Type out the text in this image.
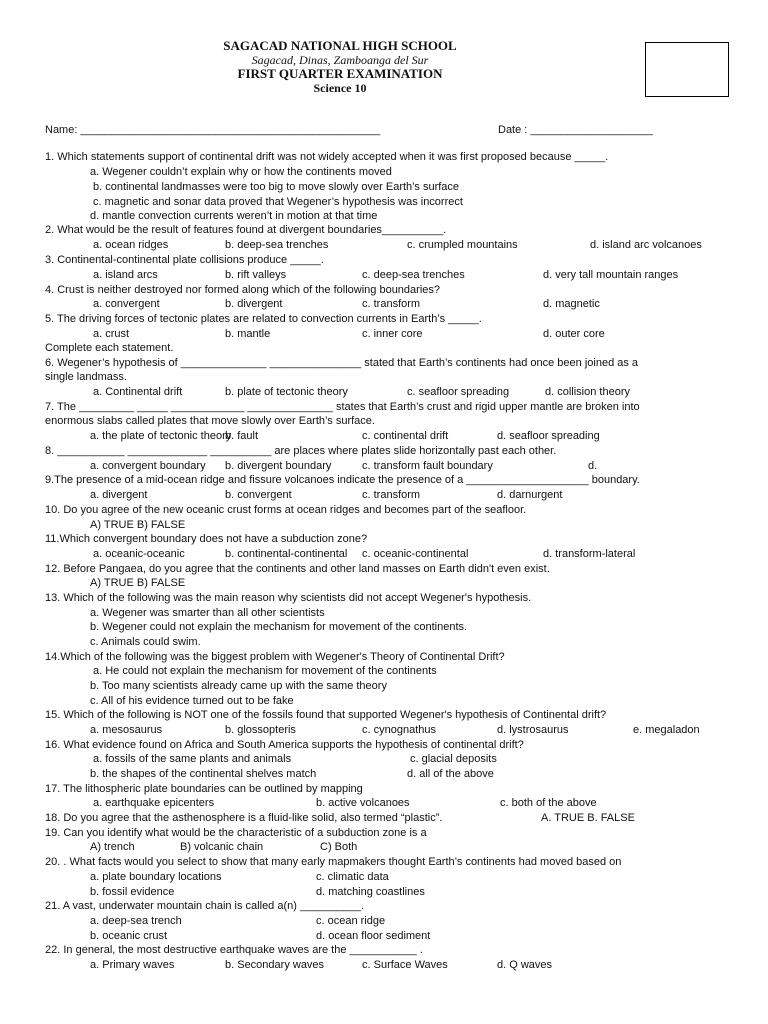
SAGACAD NATIONAL HIGH SCHOOL
Sagacad, Dinas, Zamboanga del Sur
FIRST QUARTER EXAMINATION
Science 10
Name: _________________________________________________	Date : ____________________
1. Which statements support of continental drift was not widely accepted when it was first proposed because _____.
a. Wegener couldn’t explain why or how the continents moved
b. continental landmasses were too big to move slowly over Earth’s surface
c. magnetic and sonar data proved that Wegener’s hypothesis was incorrect
d. mantle convection currents weren’t in motion at that time
2. What would be the result of features found at divergent boundaries__________.
a. ocean ridges	b. deep-sea trenches	c. crumpled mountains	d. island arc volcanoes
3. Continental-continental plate collisions produce _____.
a. island arcs	b. rift valleys	c. deep-sea trenches	d. very tall mountain ranges
4. Crust is neither destroyed nor formed along which of the following boundaries?
a. convergent	b. divergent	c. transform	d. magnetic
5. The driving forces of tectonic plates are related to convection currents in Earth’s _____.
a. crust	b. mantle	c. inner core	d. outer core
Complete each statement.
6. Wegener’s hypothesis of ______________ _______________ stated that Earth’s continents had once been joined as a
single landmass.
a. Continental drift	b. plate of tectonic theory	c. seafloor spreading	d. collision theory
7. The _________ _____ ____________ ______________ states that Earth’s crust and rigid upper mantle are broken into
enormous slabs called plates that move slowly over Earth’s surface.
a. the plate of tectonic theory
b. fault	c. continental drift	d. seafloor spreading
8. ___________ _____________ __________ are places where plates slide horizontally past each other.
a. convergent boundary b. divergent boundary	c. transform fault boundary	d.
9.The presence of a mid-ocean ridge and fissure volcanoes indicate the presence of a ____________________ boundary.
a. divergent	b. convergent	c. transform	d. darnurgent
10. Do you agree of the new oceanic crust forms at ocean ridges and becomes part of the seafloor.
A) TRUE B) FALSE
11.Which convergent boundary does not have a subduction zone?
a. oceanic-oceanic	b. continental-continental c. oceanic-continental	d. transform-lateral
12. Before Pangaea, do you agree that the continents and other land masses on Earth didn't even exist.
A) TRUE B) FALSE
13. Which of the following was the main reason why scientists did not accept Wegener's hypothesis.
a. Wegener was smarter than all other scientists
b. Wegener could not explain the mechanism for movement of the continents.
c. Animals could swim.
14.Which of the following was the biggest problem with Wegener's Theory of Continental Drift?
a. He could not explain the mechanism for movement of the continents
b. Too many scientists already came up with the same theory
c. All of his evidence turned out to be fake
15. Which of the following is NOT one of the fossils found that supported Wegener's hypothesis of Continental drift?
a. mesosaurus	b. glossopteris	c. cynognathus	d. lystrosaurus	e. megaladon
16. What evidence found on Africa and South America supports the hypothesis of continental drift?
a. fossils of the same plants and animals	c. glacial deposits
b. the shapes of the continental shelves match	d. all of the above
17. The lithospheric plate boundaries can be outlined by mapping
a. earthquake epicenters	b. active volcanoes	c. both of the above
18. Do you agree that the asthenosphere is a fluid-like solid, also termed “plastic”.	A. TRUE B. FALSE
19. Can you identify what would be the characteristic of a subduction zone is a
A) trench	B) volcanic chain	C) Both
20. . What facts would you select to show that many early mapmakers thought Earth’s continents had moved based on
a. plate boundary locations	c. climatic data
b. fossil evidence	d. matching coastlines
21. A vast, underwater mountain chain is called a(n) __________.
a. deep-sea trench	c. ocean ridge
b. oceanic crust	d. ocean floor sediment
22. In general, the most destructive earthquake waves are the ___________ .
a. Primary waves	b. Secondary waves	c. Surface Waves	d. Q waves
